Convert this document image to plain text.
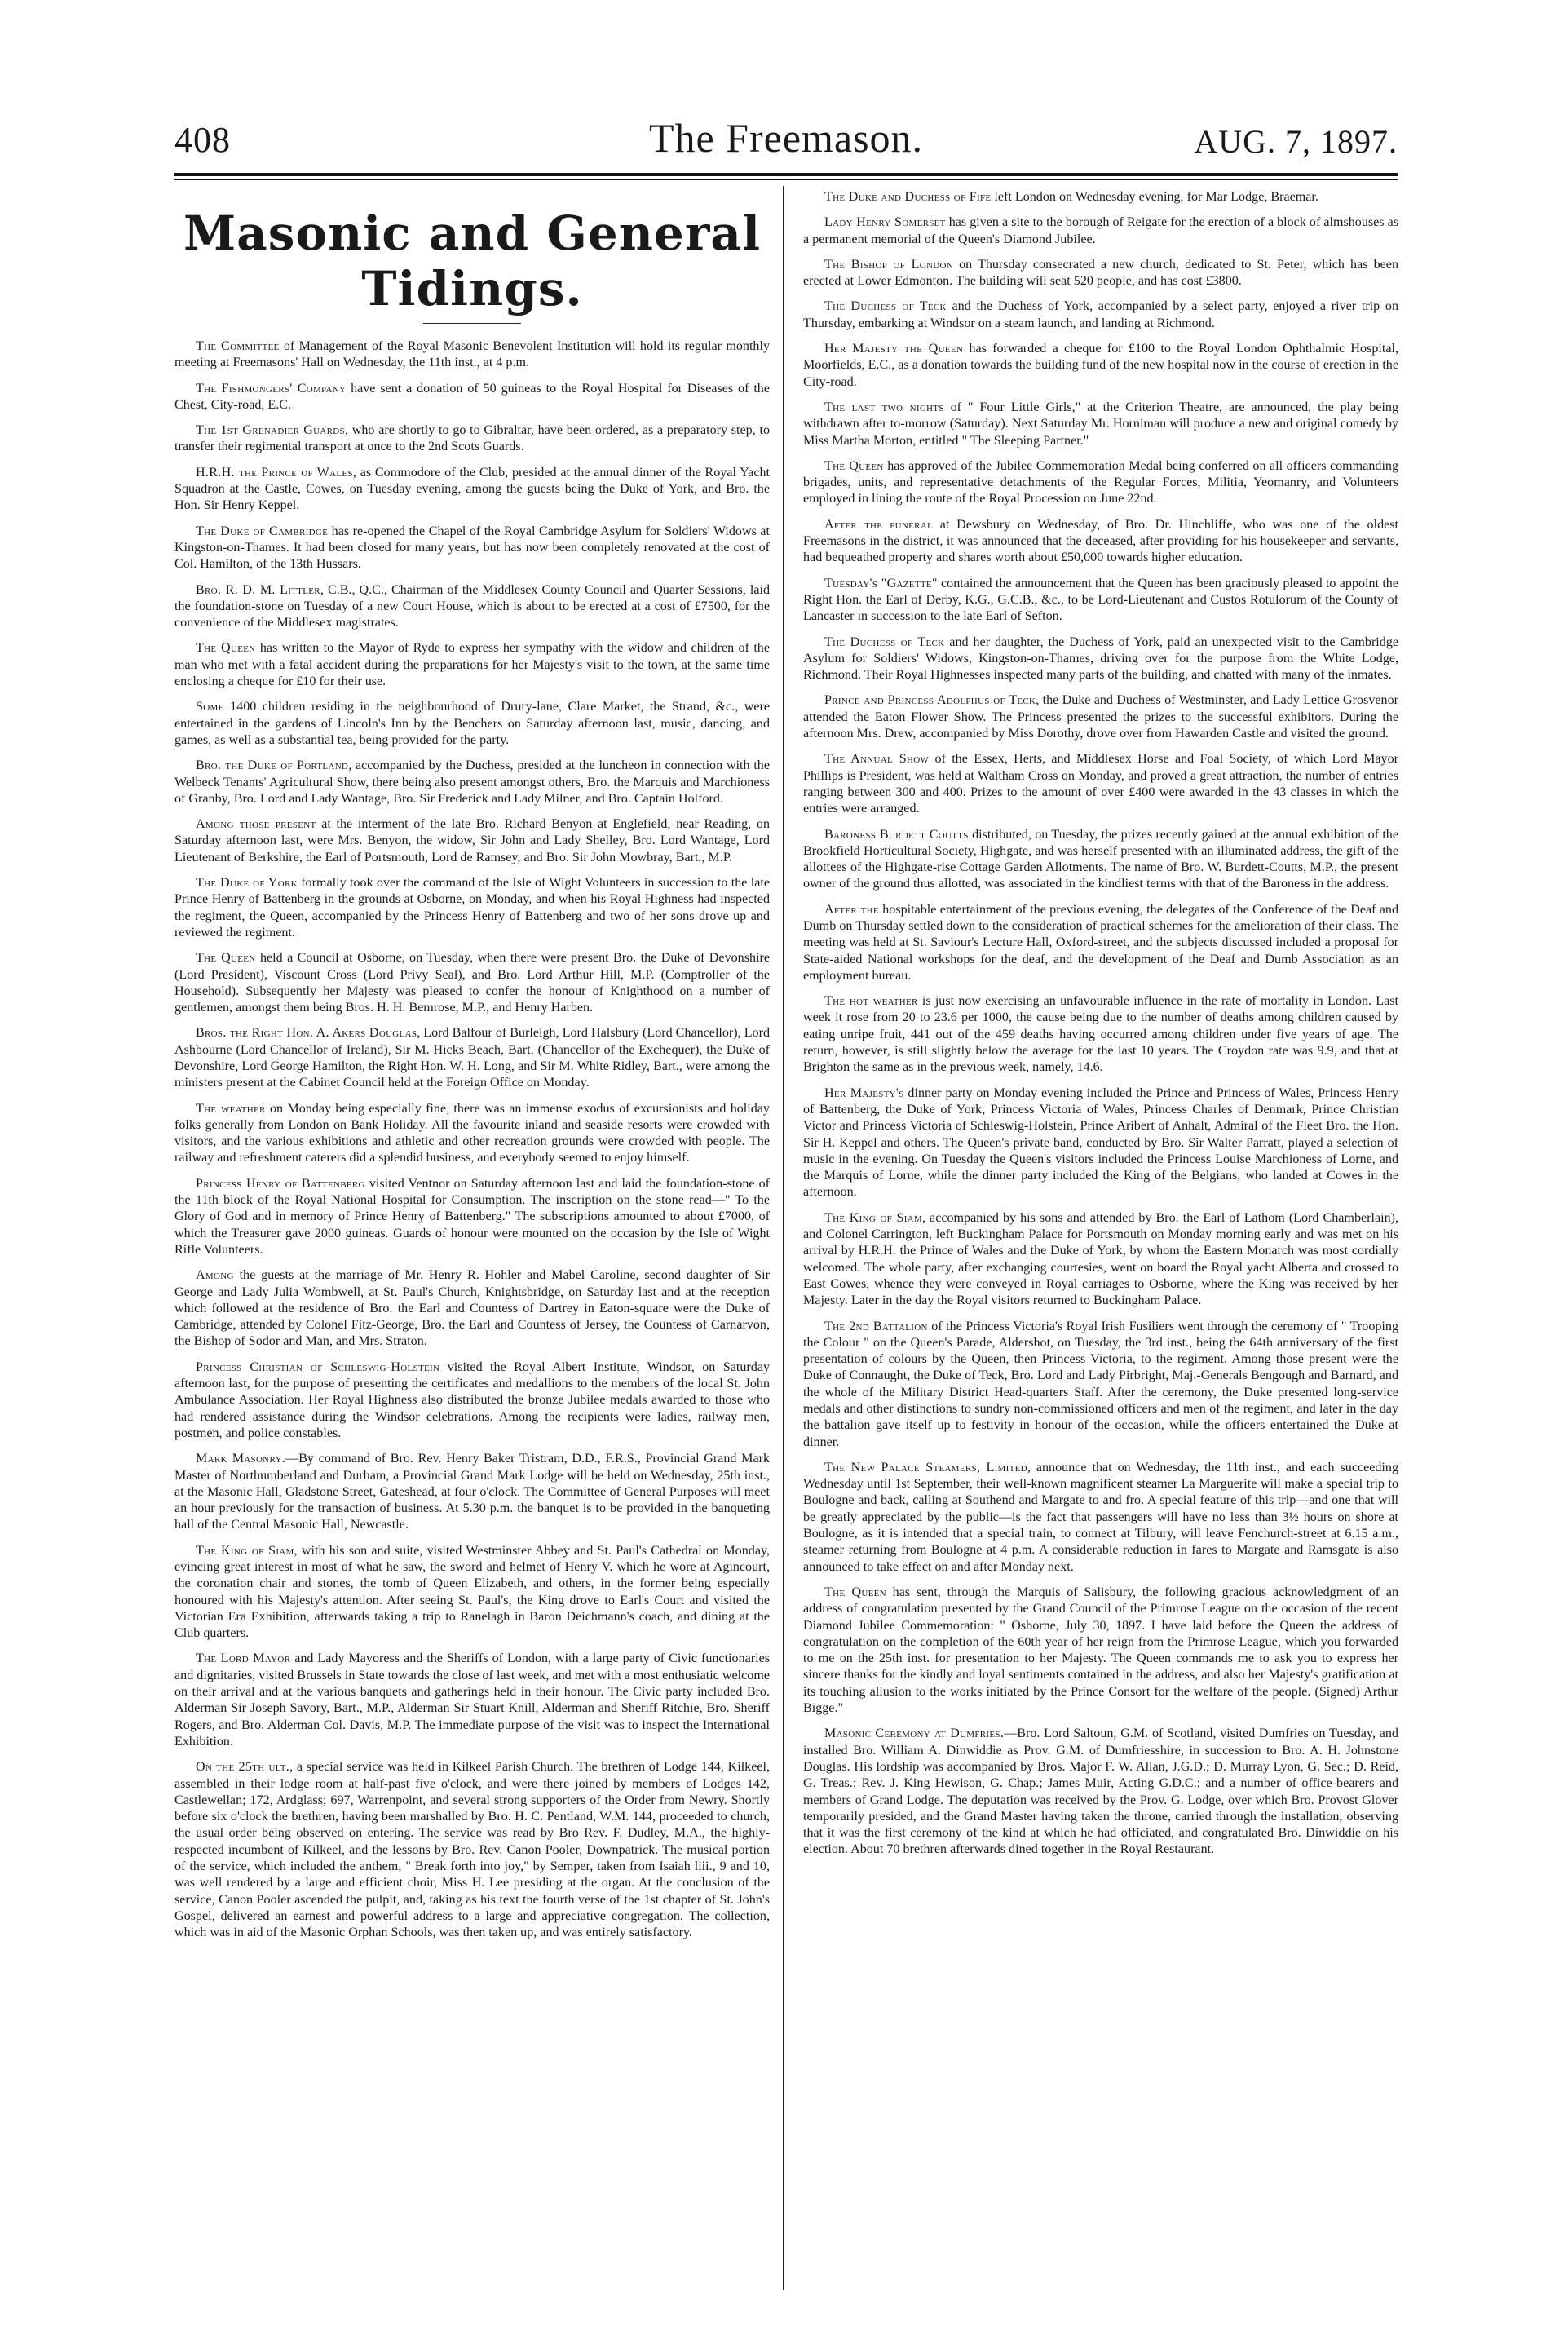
408	The Freemason.	AUG. 7, 1897.
Masonic and General Tidings.

The Committee of Management of the Royal Masonic Benevolent Institution will hold its regular monthly meeting at Freemasons' Hall on Wednesday, the 11th inst., at 4 p.m.

The Fishmongers' Company have sent a donation of 50 guineas to the Royal Hospital for Diseases of the Chest, City-road, E.C.

The 1st Grenadier Guards, who are shortly to go to Gibraltar, have been ordered, as a preparatory step, to transfer their regimental transport at once to the 2nd Scots Guards.

H.R.H. the Prince of Wales, as Commodore of the Club, presided at the annual dinner of the Royal Yacht Squadron at the Castle, Cowes, on Tuesday evening, among the guests being the Duke of York, and Bro. the Hon. Sir Henry Keppel.

The Duke of Cambridge has re-opened the Chapel of the Royal Cambridge Asylum for Soldiers' Widows at Kingston-on-Thames. It had been closed for many years, but has now been completely renovated at the cost of Col. Hamilton, of the 13th Hussars.

Bro. R. D. M. Littler, C.B., Q.C., Chairman of the Middlesex County Council and Quarter Sessions, laid the foundation-stone on Tuesday of a new Court House, which is about to be erected at a cost of £7500, for the convenience of the Middlesex magistrates.

The Queen has written to the Mayor of Ryde to express her sympathy with the widow and children of the man who met with a fatal accident during the preparations for her Majesty's visit to the town, at the same time enclosing a cheque for £10 for their use.

Some 1400 children residing in the neighbourhood of Drury-lane, Clare Market, the Strand, &c., were entertained in the gardens of Lincoln's Inn by the Benchers on Saturday afternoon last, music, dancing, and games, as well as a substantial tea, being provided for the party.

Bro. the Duke of Portland, accompanied by the Duchess, presided at the luncheon in connection with the Welbeck Tenants' Agricultural Show, there being also present amongst others, Bro. the Marquis and Marchioness of Granby, Bro. Lord and Lady Wantage, Bro. Sir Frederick and Lady Milner, and Bro. Captain Holford.

Among those present at the interment of the late Bro. Richard Benyon at Englefield, near Reading, on Saturday afternoon last, were Mrs. Benyon, the widow, Sir John and Lady Shelley, Bro. Lord Wantage, Lord Lieutenant of Berkshire, the Earl of Portsmouth, Lord de Ramsey, and Bro. Sir John Mowbray, Bart., M.P.

The Duke of York formally took over the command of the Isle of Wight Volunteers in succession to the late Prince Henry of Battenberg in the grounds at Osborne, on Monday, and when his Royal Highness had inspected the regiment, the Queen, accompanied by the Princess Henry of Battenberg and two of her sons drove up and reviewed the regiment.

The Queen held a Council at Osborne, on Tuesday, when there were present Bro. the Duke of Devonshire (Lord President), Viscount Cross (Lord Privy Seal), and Bro. Lord Arthur Hill, M.P. (Comptroller of the Household). Subsequently her Majesty was pleased to confer the honour of Knighthood on a number of gentlemen, amongst them being Bros. H. H. Bemrose, M.P., and Henry Harben.

Bros. the Right Hon. A. Akers Douglas, Lord Balfour of Burleigh, Lord Halsbury (Lord Chancellor), Lord Ashbourne (Lord Chancellor of Ireland), Sir M. Hicks Beach, Bart. (Chancellor of the Exchequer), the Duke of Devonshire, Lord George Hamilton, the Right Hon. W. H. Long, and Sir M. White Ridley, Bart., were among the ministers present at the Cabinet Council held at the Foreign Office on Monday.

The weather on Monday being especially fine, there was an immense exodus of excursionists and holiday folks generally from London on Bank Holiday. All the favourite inland and seaside resorts were crowded with visitors, and the various exhibitions and athletic and other recreation grounds were crowded with people. The railway and refreshment caterers did a splendid business, and everybody seemed to enjoy himself.

Princess Henry of Battenberg visited Ventnor on Saturday afternoon last and laid the foundation-stone of the 11th block of the Royal National Hospital for Consumption. The inscription on the stone read—" To the Glory of God and in memory of Prince Henry of Battenberg." The subscriptions amounted to about £7000, of which the Treasurer gave 2000 guineas. Guards of honour were mounted on the occasion by the Isle of Wight Rifle Volunteers.

Among the guests at the marriage of Mr. Henry R. Hohler and Mabel Caroline, second daughter of Sir George and Lady Julia Wombwell, at St. Paul's Church, Knightsbridge, on Saturday last and at the reception which followed at the residence of Bro. the Earl and Countess of Dartrey in Eaton-square were the Duke of Cambridge, attended by Colonel Fitz-George, Bro. the Earl and Countess of Jersey, the Countess of Carnarvon, the Bishop of Sodor and Man, and Mrs. Straton.

Princess Christian of Schleswig-Holstein visited the Royal Albert Institute, Windsor, on Saturday afternoon last, for the purpose of presenting the certificates and medallions to the members of the local St. John Ambulance Association. Her Royal Highness also distributed the bronze Jubilee medals awarded to those who had rendered assistance during the Windsor celebrations. Among the recipients were ladies, railway men, postmen, and police constables.

Mark Masonry.—By command of Bro. Rev. Henry Baker Tristram, D.D., F.R.S., Provincial Grand Mark Master of Northumberland and Durham, a Provincial Grand Mark Lodge will be held on Wednesday, 25th inst., at the Masonic Hall, Gladstone Street, Gateshead, at four o'clock. The Committee of General Purposes will meet an hour previously for the transaction of business. At 5.30 p.m. the banquet is to be provided in the banqueting hall of the Central Masonic Hall, Newcastle.

The King of Siam, with his son and suite, visited Westminster Abbey and St. Paul's Cathedral on Monday, evincing great interest in most of what he saw, the sword and helmet of Henry V. which he wore at Agincourt, the coronation chair and stones, the tomb of Queen Elizabeth, and others, in the former being especially honoured with his Majesty's attention. After seeing St. Paul's, the King drove to Earl's Court and visited the Victorian Era Exhibition, afterwards taking a trip to Ranelagh in Baron Deichmann's coach, and dining at the Club quarters.

The Lord Mayor and Lady Mayoress and the Sheriffs of London, with a large party of Civic functionaries and dignitaries, visited Brussels in State towards the close of last week, and met with a most enthusiatic welcome on their arrival and at the various banquets and gatherings held in their honour. The Civic party included Bro. Alderman Sir Joseph Savory, Bart., M.P., Alderman Sir Stuart Knill, Alderman and Sheriff Ritchie, Bro. Sheriff Rogers, and Bro. Alderman Col. Davis, M.P. The immediate purpose of the visit was to inspect the International Exhibition.

On the 25th ult., a special service was held in Kilkeel Parish Church. The brethren of Lodge 144, Kilkeel, assembled in their lodge room at half-past five o'clock, and were there joined by members of Lodges 142, Castlewellan; 172, Ardglass; 697, Warrenpoint, and several strong supporters of the Order from Newry. Shortly before six o'clock the brethren, having been marshalled by Bro. H. C. Pentland, W.M. 144, proceeded to church, the usual order being observed on entering. The service was read by Bro Rev. F. Dudley, M.A., the highly-respected incumbent of Kilkeel, and the lessons by Bro. Rev. Canon Pooler, Downpatrick. The musical portion of the service, which included the anthem, " Break forth into joy," by Semper, taken from Isaiah liii., 9 and 10, was well rendered by a large and efficient choir, Miss H. Lee presiding at the organ. At the conclusion of the service, Canon Pooler ascended the pulpit, and, taking as his text the fourth verse of the 1st chapter of St. John's Gospel, delivered an earnest and powerful address to a large and appreciative congregation. The collection, which was in aid of the Masonic Orphan Schools, was then taken up, and was entirely satisfactory.

The Duke and Duchess of Fife left London on Wednesday evening, for Mar Lodge, Braemar.

Lady Henry Somerset has given a site to the borough of Reigate for the erection of a block of almshouses as a permanent memorial of the Queen's Diamond Jubilee.

The Bishop of London on Thursday consecrated a new church, dedicated to St. Peter, which has been erected at Lower Edmonton. The building will seat 520 people, and has cost £3800.

The Duchess of Teck and the Duchess of York, accompanied by a select party, enjoyed a river trip on Thursday, embarking at Windsor on a steam launch, and landing at Richmond.

Her Majesty the Queen has forwarded a cheque for £100 to the Royal London Ophthalmic Hospital, Moorfields, E.C., as a donation towards the building fund of the new hospital now in the course of erection in the City-road.

The last two nights of " Four Little Girls," at the Criterion Theatre, are announced, the play being withdrawn after to-morrow (Saturday). Next Saturday Mr. Horniman will produce a new and original comedy by Miss Martha Morton, entitled " The Sleeping Partner."

The Queen has approved of the Jubilee Commemoration Medal being conferred on all officers commanding brigades, units, and representative detachments of the Regular Forces, Militia, Yeomanry, and Volunteers employed in lining the route of the Royal Procession on June 22nd.

After the funeral at Dewsbury on Wednesday, of Bro. Dr. Hinchliffe, who was one of the oldest Freemasons in the district, it was announced that the deceased, after providing for his housekeeper and servants, had bequeathed property and shares worth about £50,000 towards higher education.

Tuesday's "Gazette" contained the announcement that the Queen has been graciously pleased to appoint the Right Hon. the Earl of Derby, K.G., G.C.B., &c., to be Lord-Lieutenant and Custos Rotulorum of the County of Lancaster in succession to the late Earl of Sefton.

The Duchess of Teck and her daughter, the Duchess of York, paid an unexpected visit to the Cambridge Asylum for Soldiers' Widows, Kingston-on-Thames, driving over for the purpose from the White Lodge, Richmond. Their Royal Highnesses inspected many parts of the building, and chatted with many of the inmates.

Prince and Princess Adolphus of Teck, the Duke and Duchess of Westminster, and Lady Lettice Grosvenor attended the Eaton Flower Show. The Princess presented the prizes to the successful exhibitors. During the afternoon Mrs. Drew, accompanied by Miss Dorothy, drove over from Hawarden Castle and visited the ground.

The Annual Show of the Essex, Herts, and Middlesex Horse and Foal Society, of which Lord Mayor Phillips is President, was held at Waltham Cross on Monday, and proved a great attraction, the number of entries ranging between 300 and 400. Prizes to the amount of over £400 were awarded in the 43 classes in which the entries were arranged.

Baroness Burdett Coutts distributed, on Tuesday, the prizes recently gained at the annual exhibition of the Brookfield Horticultural Society, Highgate, and was herself presented with an illuminated address, the gift of the allottees of the Highgate-rise Cottage Garden Allotments. The name of Bro. W. Burdett-Coutts, M.P., the present owner of the ground thus allotted, was associated in the kindliest terms with that of the Baroness in the address.

After the hospitable entertainment of the previous evening, the delegates of the Conference of the Deaf and Dumb on Thursday settled down to the consideration of practical schemes for the amelioration of their class. The meeting was held at St. Saviour's Lecture Hall, Oxford-street, and the subjects discussed included a proposal for State-aided National workshops for the deaf, and the development of the Deaf and Dumb Association as an employment bureau.

The hot weather is just now exercising an unfavourable influence in the rate of mortality in London. Last week it rose from 20 to 23.6 per 1000, the cause being due to the number of deaths among children caused by eating unripe fruit, 441 out of the 459 deaths having occurred among children under five years of age. The return, however, is still slightly below the average for the last 10 years. The Croydon rate was 9.9, and that at Brighton the same as in the previous week, namely, 14.6.

Her Majesty's dinner party on Monday evening included the Prince and Princess of Wales, Princess Henry of Battenberg, the Duke of York, Princess Victoria of Wales, Princess Charles of Denmark, Prince Christian Victor and Princess Victoria of Schleswig-Holstein, Prince Aribert of Anhalt, Admiral of the Fleet Bro. the Hon. Sir H. Keppel and others. The Queen's private band, conducted by Bro. Sir Walter Parratt, played a selection of music in the evening. On Tuesday the Queen's visitors included the Princess Louise Marchioness of Lorne, and the Marquis of Lorne, while the dinner party included the King of the Belgians, who landed at Cowes in the afternoon.

The King of Siam, accompanied by his sons and attended by Bro. the Earl of Lathom (Lord Chamberlain), and Colonel Carrington, left Buckingham Palace for Portsmouth on Monday morning early and was met on his arrival by H.R.H. the Prince of Wales and the Duke of York, by whom the Eastern Monarch was most cordially welcomed. The whole party, after exchanging courtesies, went on board the Royal yacht Alberta and crossed to East Cowes, whence they were conveyed in Royal carriages to Osborne, where the King was received by her Majesty. Later in the day the Royal visitors returned to Buckingham Palace.

The 2nd Battalion of the Princess Victoria's Royal Irish Fusiliers went through the ceremony of " Trooping the Colour " on the Queen's Parade, Aldershot, on Tuesday, the 3rd inst., being the 64th anniversary of the first presentation of colours by the Queen, then Princess Victoria, to the regiment. Among those present were the Duke of Connaught, the Duke of Teck, Bro. Lord and Lady Pirbright, Maj.-Generals Bengough and Barnard, and the whole of the Military District Head-quarters Staff. After the ceremony, the Duke presented long-service medals and other distinctions to sundry non-commissioned officers and men of the regiment, and later in the day the battalion gave itself up to festivity in honour of the occasion, while the officers entertained the Duke at dinner.

The New Palace Steamers, Limited, announce that on Wednesday, the 11th inst., and each succeeding Wednesday until 1st September, their well-known magnificent steamer La Marguerite will make a special trip to Boulogne and back, calling at Southend and Margate to and fro. A special feature of this trip—and one that will be greatly appreciated by the public—is the fact that passengers will have no less than 3½ hours on shore at Boulogne, as it is intended that a special train, to connect at Tilbury, will leave Fenchurch-street at 6.15 a.m., steamer returning from Boulogne at 4 p.m. A considerable reduction in fares to Margate and Ramsgate is also announced to take effect on and after Monday next.

The Queen has sent, through the Marquis of Salisbury, the following gracious acknowledgment of an address of congratulation presented by the Grand Council of the Primrose League on the occasion of the recent Diamond Jubilee Commemoration: " Osborne, July 30, 1897. I have laid before the Queen the address of congratulation on the completion of the 60th year of her reign from the Primrose League, which you forwarded to me on the 25th inst. for presentation to her Majesty. The Queen commands me to ask you to express her sincere thanks for the kindly and loyal sentiments contained in the address, and also her Majesty's gratification at its touching allusion to the works initiated by the Prince Consort for the welfare of the people. (Signed) Arthur Bigge."

Masonic Ceremony at Dumfries.—Bro. Lord Saltoun, G.M. of Scotland, visited Dumfries on Tuesday, and installed Bro. William A. Dinwiddie as Prov. G.M. of Dumfriesshire, in succession to Bro. A. H. Johnstone Douglas. His lordship was accompanied by Bros. Major F. W. Allan, J.G.D.; D. Murray Lyon, G. Sec.; D. Reid, G. Treas.; Rev. J. King Hewison, G. Chap.; James Muir, Acting G.D.C.; and a number of office-bearers and members of Grand Lodge. The deputation was received by the Prov. G. Lodge, over which Bro. Provost Glover temporarily presided, and the Grand Master having taken the throne, carried through the installation, observing that it was the first ceremony of the kind at which he had officiated, and congratulated Bro. Dinwiddie on his election. About 70 brethren afterwards dined together in the Royal Restaurant.
